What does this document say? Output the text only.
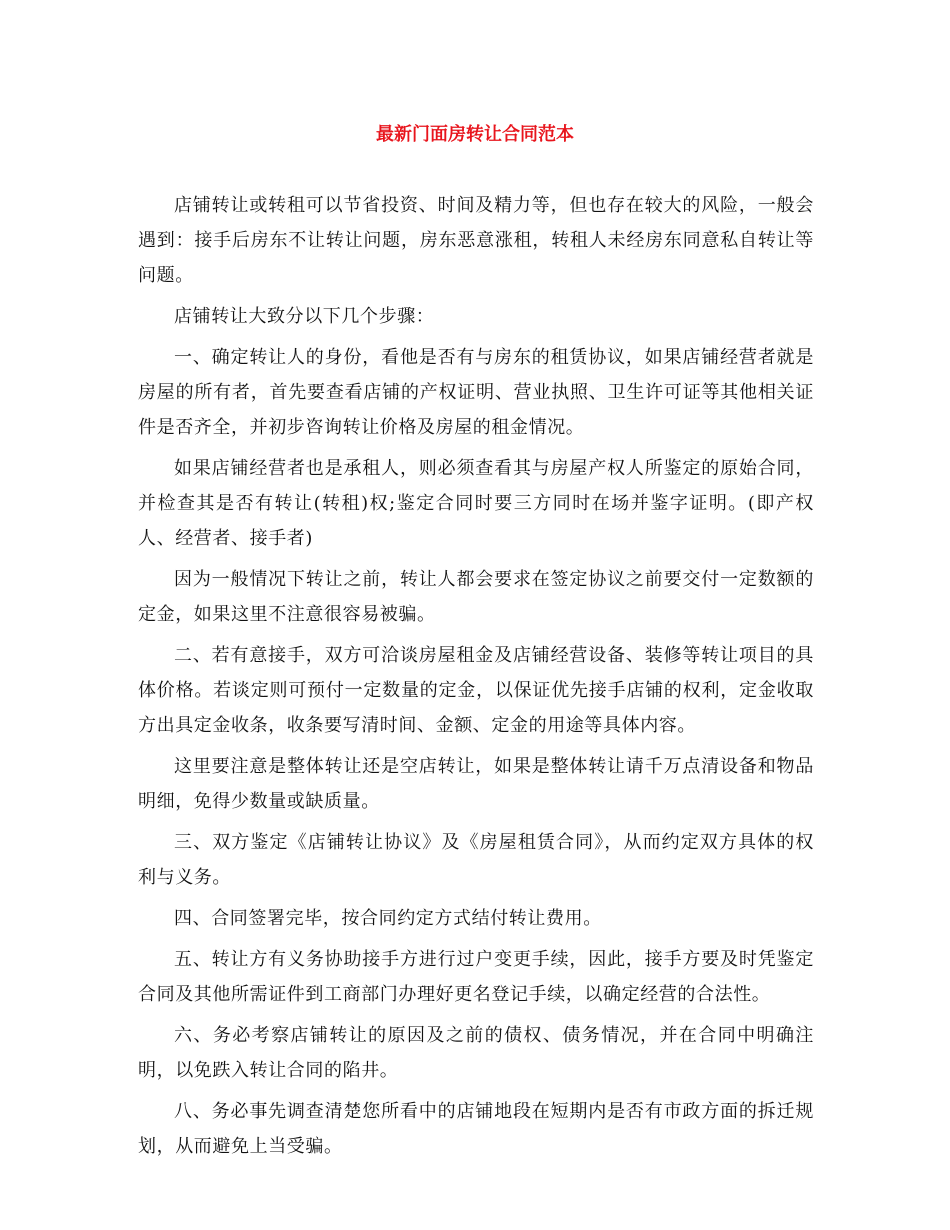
最新门面房转让合同范本

店铺转让或转租可以节省投资、时间及精力等，但也存在较大的风险，一般会遇到：接手后房东不让转让问题，房东恶意涨租，转租人未经房东同意私自转让等问题。

店铺转让大致分以下几个步骤：

一、确定转让人的身份，看他是否有与房东的租赁协议，如果店铺经营者就是房屋的所有者，首先要查看店铺的产权证明、营业执照、卫生许可证等其他相关证件是否齐全，并初步咨询转让价格及房屋的租金情况。

如果店铺经营者也是承租人，则必须查看其与房屋产权人所鉴定的原始合同，并检查其是否有转让(转租)权;鉴定合同时要三方同时在场并鉴字证明。(即产权人、经营者、接手者)

因为一般情况下转让之前，转让人都会要求在签定协议之前要交付一定数额的定金，如果这里不注意很容易被骗。

二、若有意接手，双方可洽谈房屋租金及店铺经营设备、装修等转让项目的具体价格。若谈定则可预付一定数量的定金，以保证优先接手店铺的权利，定金收取方出具定金收条，收条要写清时间、金额、定金的用途等具体内容。

这里要注意是整体转让还是空店转让，如果是整体转让请千万点清设备和物品明细，免得少数量或缺质量。

三、双方鉴定《店铺转让协议》及《房屋租赁合同》，从而约定双方具体的权利与义务。

四、合同签署完毕，按合同约定方式结付转让费用。

五、转让方有义务协助接手方进行过户变更手续，因此，接手方要及时凭鉴定合同及其他所需证件到工商部门办理好更名登记手续，以确定经营的合法性。

六、务必考察店铺转让的原因及之前的债权、债务情况，并在合同中明确注明，以免跌入转让合同的陷井。

八、务必事先调查清楚您所看中的店铺地段在短期内是否有市政方面的拆迁规划，从而避免上当受骗。
